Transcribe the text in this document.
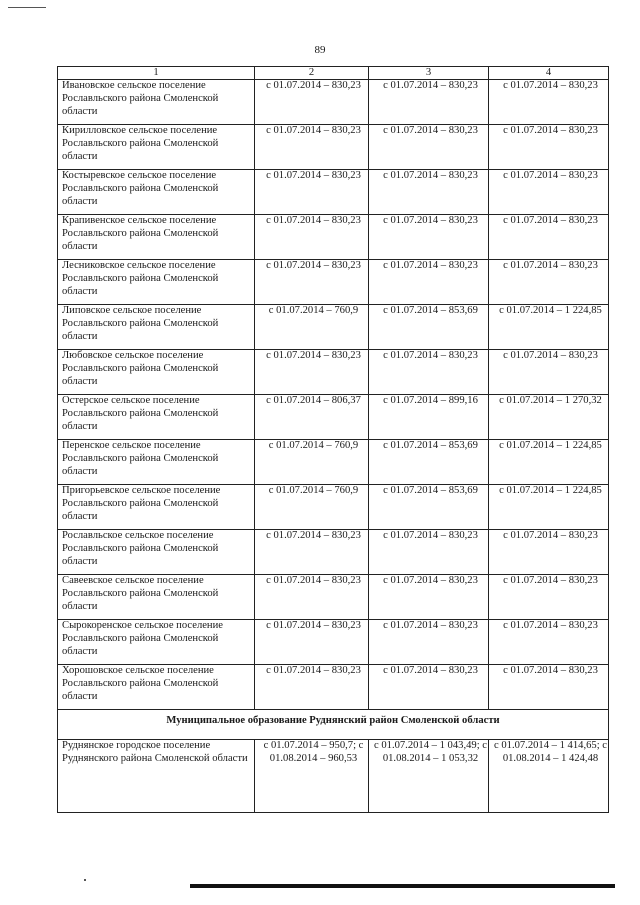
89
1	2	3	4
Ивановское сельское поселение Рославльского района Смоленской области	с 01.07.2014 – 830,23	с 01.07.2014 – 830,23	с 01.07.2014 – 830,23
Кирилловское сельское поселение Рославльского района Смоленской области	с 01.07.2014 – 830,23	с 01.07.2014 – 830,23	с 01.07.2014 – 830,23
Костыревское сельское поселение Рославльского района Смоленской области	с 01.07.2014 – 830,23	с 01.07.2014 – 830,23	с 01.07.2014 – 830,23
Крапивенское сельское поселение Рославльского района Смоленской области	с 01.07.2014 – 830,23	с 01.07.2014 – 830,23	с 01.07.2014 – 830,23
Лесниковское сельское поселение Рославльского района Смоленской области	с 01.07.2014 – 830,23	с 01.07.2014 – 830,23	с 01.07.2014 – 830,23
Липовское сельское поселение Рославльского района Смоленской области	с 01.07.2014 – 760,9	с 01.07.2014 – 853,69	с 01.07.2014 – 1 224,85
Любовское сельское поселение Рославльского района Смоленской области	с 01.07.2014 – 830,23	с 01.07.2014 – 830,23	с 01.07.2014 – 830,23
Остерское сельское поселение Рославльского района Смоленской области	с 01.07.2014 – 806,37	с 01.07.2014 – 899,16	с 01.07.2014 – 1 270,32
Перенское сельское поселение Рославльского района Смоленской области	с 01.07.2014 – 760,9	с 01.07.2014 – 853,69	с 01.07.2014 – 1 224,85
Пригорьевское сельское поселение Рославльского района Смоленской области	с 01.07.2014 – 760,9	с 01.07.2014 – 853,69	с 01.07.2014 – 1 224,85
Рославльское сельское поселение Рославльского района Смоленской области	с 01.07.2014 – 830,23	с 01.07.2014 – 830,23	с 01.07.2014 – 830,23
Савеевское сельское поселение Рославльского района Смоленской области	с 01.07.2014 – 830,23	с 01.07.2014 – 830,23	с 01.07.2014 – 830,23
Сырокоренское сельское поселение Рославльского района Смоленской области	с 01.07.2014 – 830,23	с 01.07.2014 – 830,23	с 01.07.2014 – 830,23
Хорошовское сельское поселение Рославльского района Смоленской области	с 01.07.2014 – 830,23	с 01.07.2014 – 830,23	с 01.07.2014 – 830,23
Муниципальное образование Руднянский район Смоленской области			
Руднянское городское поселение Руднянского района Смоленской области	с 01.07.2014 – 950,7; с 01.08.2014 – 960,53	с 01.07.2014 – 1 043,49; с 01.08.2014 – 1 053,32	с 01.07.2014 – 1 414,65; с 01.08.2014 – 1 424,48
